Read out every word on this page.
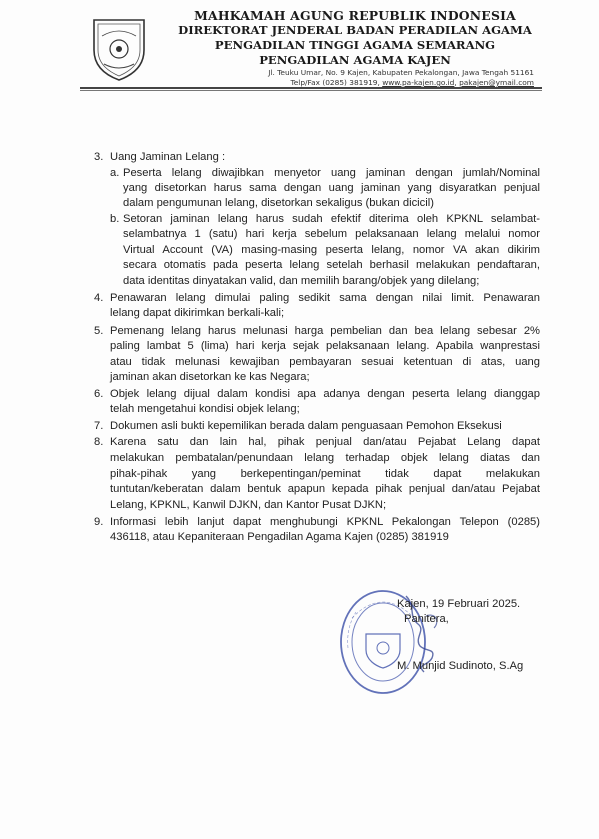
MAHKAMAH AGUNG REPUBLIK INDONESIA
DIREKTORAT JENDERAL BADAN PERADILAN AGAMA
PENGADILAN TINGGI AGAMA SEMARANG
PENGADILAN AGAMA KAJEN
Jl. Teuku Umar, No. 9 Kajen, Kabupaten Pekalongan, Jawa Tengah 51161
Telp/Fax (0285) 381919, www.pa-kajen.go.id, pakajen@ymail.com
3. Uang Jaminan Lelang :
a. Peserta lelang diwajibkan menyetor uang jaminan dengan jumlah/Nominal
yang disetorkan harus sama dengan uang jaminan yang disyaratkan penjual
dalam pengumunan lelang, disetorkan sekaligus (bukan dicicil)
b. Setoran jaminan lelang harus sudah efektif diterima oleh KPKNL selambat-
selambatnya 1 (satu) hari kerja sebelum pelaksanaan lelang melalui nomor
Virtual Account (VA) masing-masing peserta lelang, nomor VA akan dikirim
secara otomatis pada peserta lelang setelah berhasil melakukan pendaftaran,
data identitas dinyatakan valid, dan memilih barang/objek yang dilelang;
4. Penawaran lelang dimulai paling sedikit sama dengan nilai limit. Penawaran
lelang dapat dikirimkan berkali-kali;
5. Pemenang lelang harus melunasi harga pembelian dan bea lelang sebesar 2%
paling lambat 5 (lima) hari kerja sejak pelaksanaan lelang. Apabila wanprestasi
atau tidak melunasi kewajiban pembayaran sesuai ketentuan di atas, uang
jaminan akan disetorkan ke kas Negara;
6. Objek lelang dijual dalam kondisi apa adanya dengan peserta lelang dianggap
telah mengetahui kondisi objek lelang;
7. Dokumen asli bukti kepemilikan berada dalam penguasaan Pemohon Eksekusi
8. Karena satu dan lain hal, pihak penjual dan/atau Pejabat Lelang dapat
melakukan pembatalan/penundaan lelang terhadap objek lelang diatas dan
pihak-pihak yang berkepentingan/peminat tidak dapat melakukan
tuntutan/keberatan dalam bentuk apapun kepada pihak penjual dan/atau Pejabat
Lelang, KPKNL, Kanwil DJKN, dan Kantor Pusat DJKN;
9. Informasi lebih lanjut dapat menghubungi KPKNL Pekalongan Telepon (0285)
436118, atau Kepaniteraan Pengadilan Agama Kajen (0285) 381919
Kajen, 19 Februari 2025.
Panitera,
M. Munjid Sudinoto, S.Ag
